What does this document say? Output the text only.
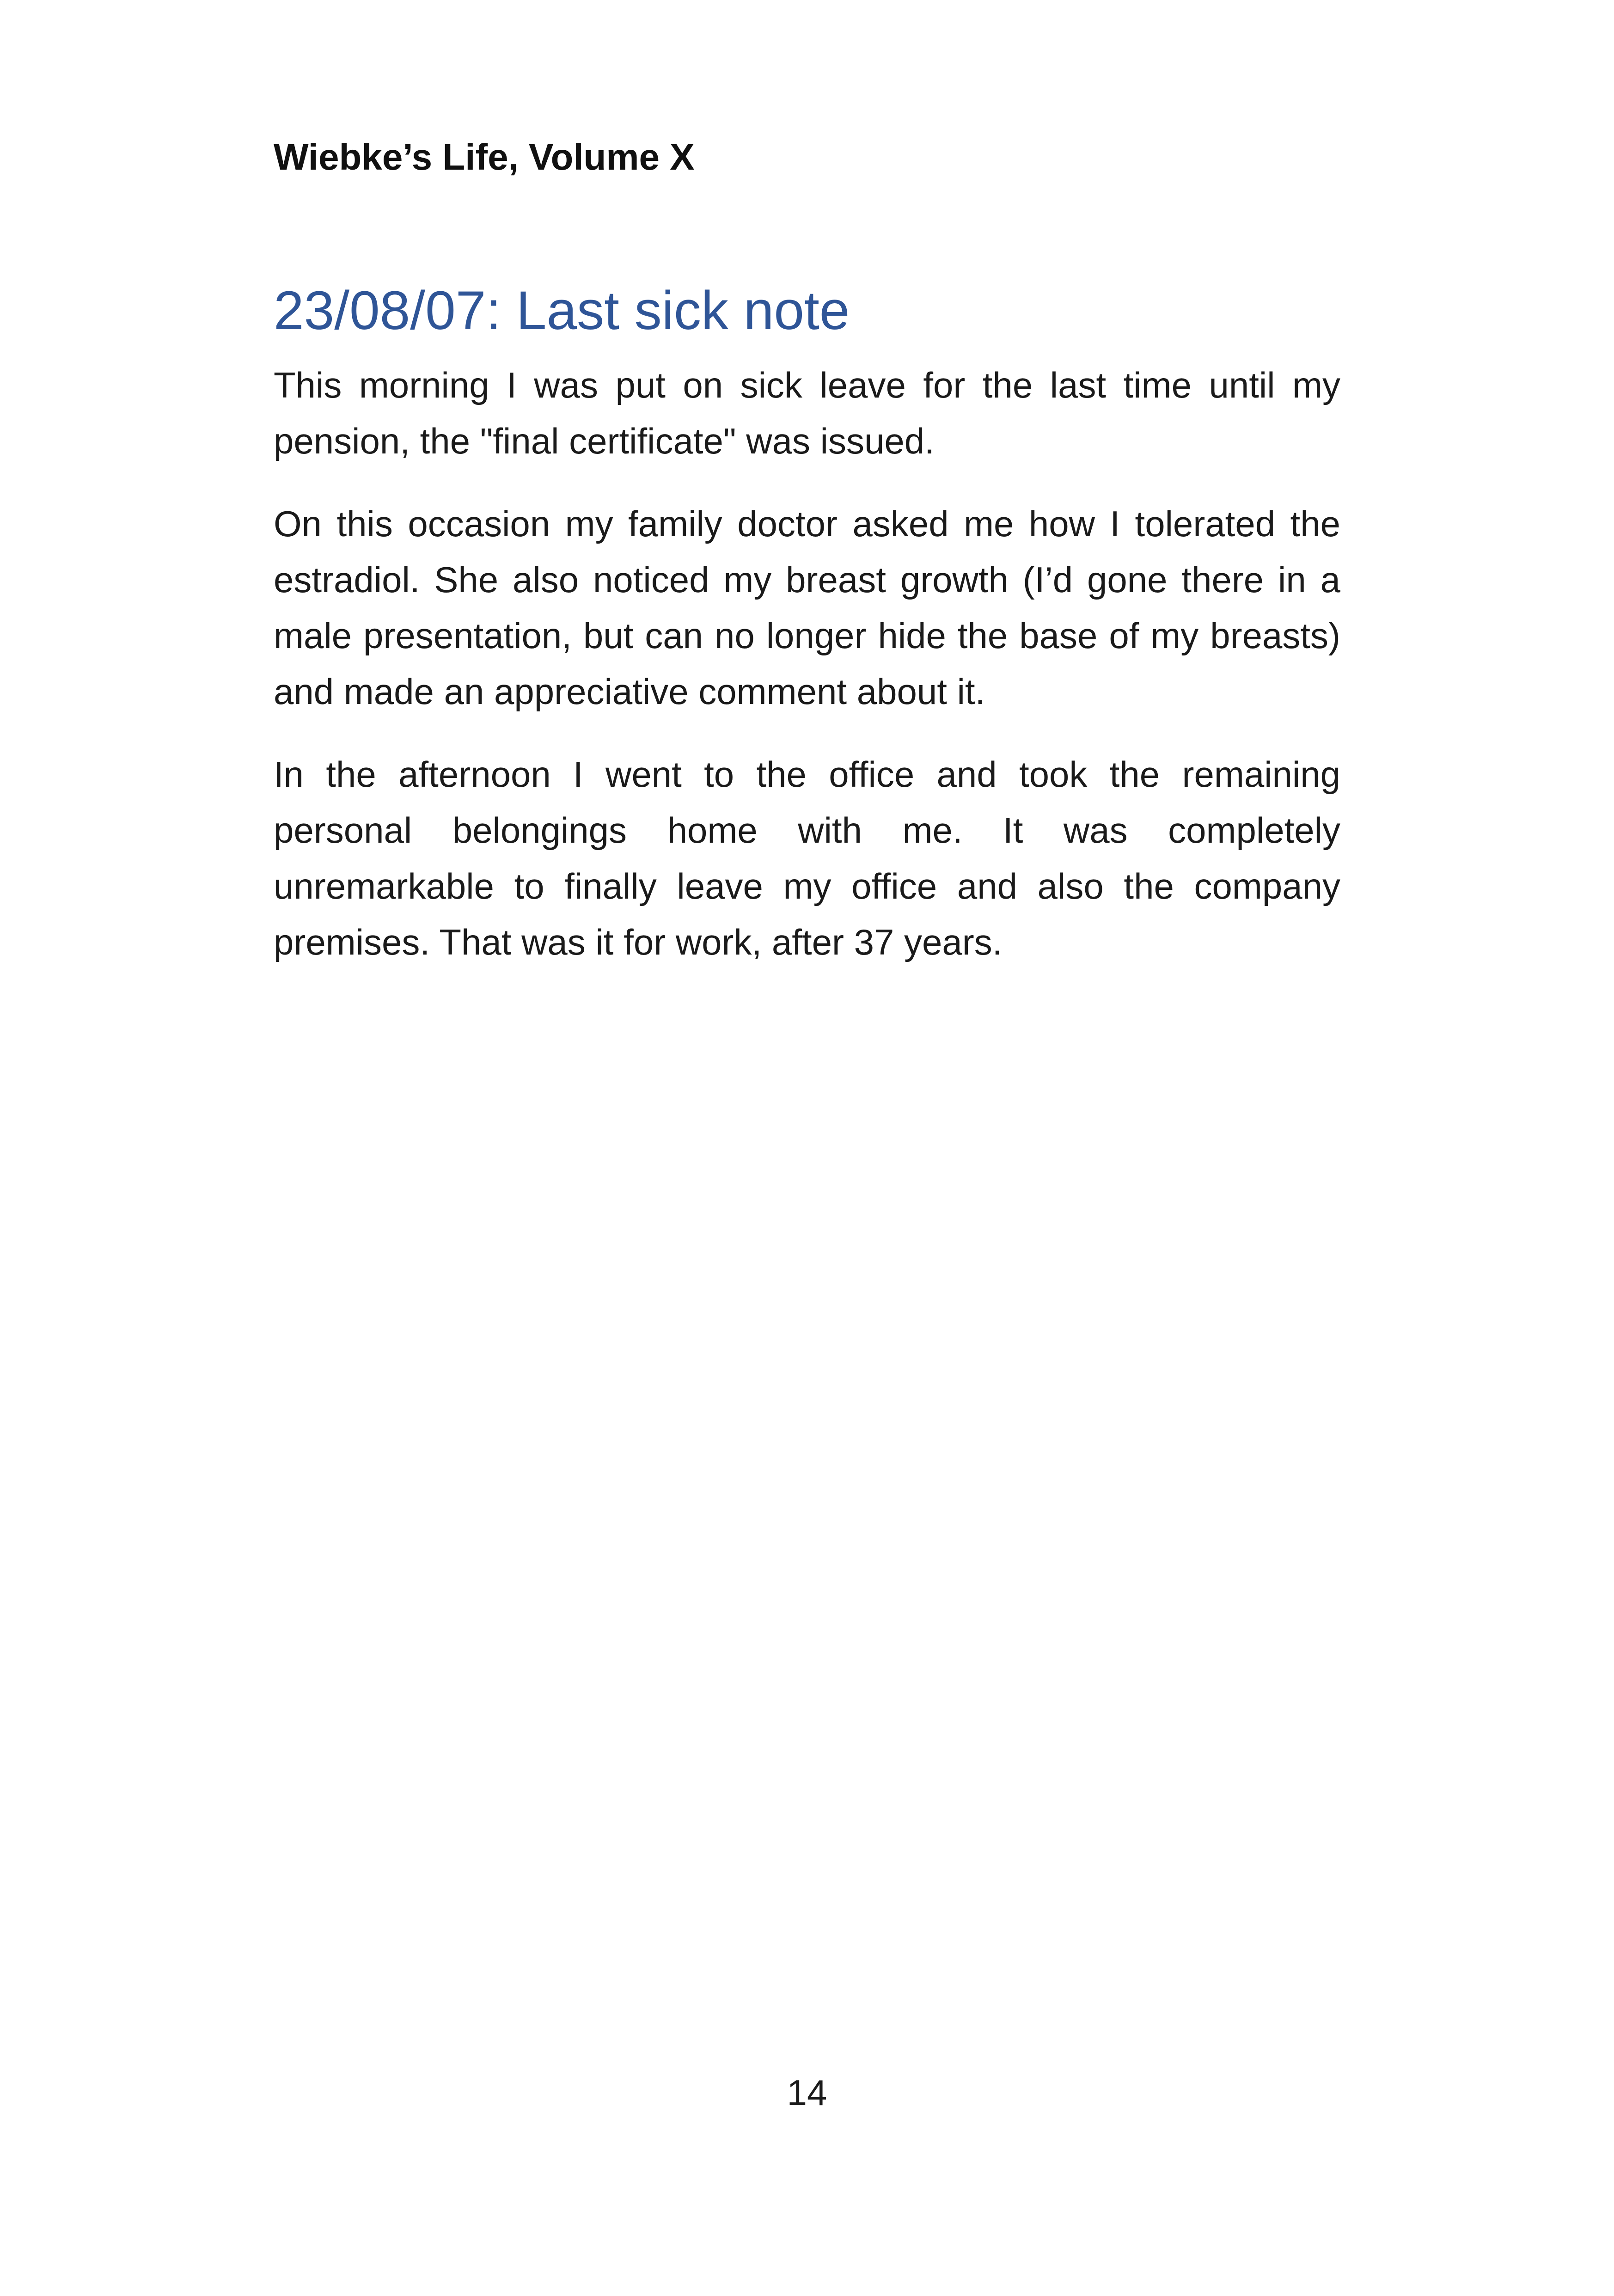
Wiebke’s Life, Volume X
23/08/07: Last sick note

This morning I was put on sick leave for the last time until my pension, the "final certificate" was issued.

On this occasion my family doctor asked me how I tolerated the estradiol. She also noticed my breast growth (I’d gone there in a male presentation, but can no longer hide the base of my breasts) and made an appreciative comment about it.

In the afternoon I went to the office and took the remaining personal belongings home with me. It was completely unremarkable to finally leave my office and also the company premises. That was it for work, after 37 years.

14
